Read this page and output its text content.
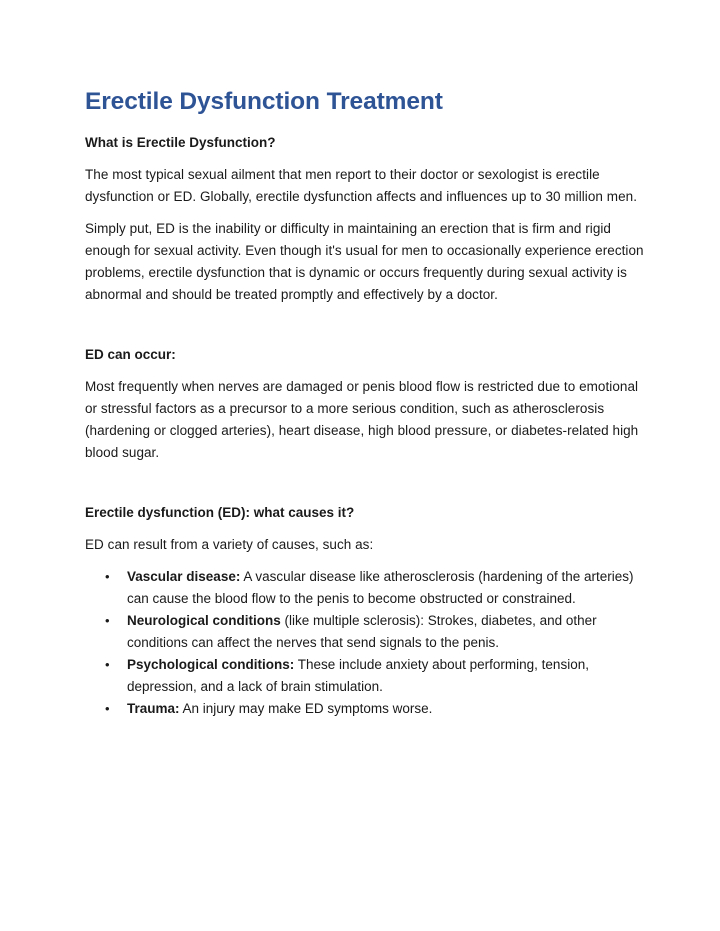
Erectile Dysfunction Treatment
What is Erectile Dysfunction?

The most typical sexual ailment that men report to their doctor or sexologist is erectile dysfunction or ED. Globally, erectile dysfunction affects and influences up to 30 million men.

Simply put, ED is the inability or difficulty in maintaining an erection that is firm and rigid enough for sexual activity. Even though it's usual for men to occasionally experience erection problems, erectile dysfunction that is dynamic or occurs frequently during sexual activity is abnormal and should be treated promptly and effectively by a doctor.

ED can occur:

Most frequently when nerves are damaged or penis blood flow is restricted due to emotional or stressful factors as a precursor to a more serious condition, such as atherosclerosis (hardening or clogged arteries), heart disease, high blood pressure, or diabetes-related high blood sugar.

Erectile dysfunction (ED): what causes it?

ED can result from a variety of causes, such as:

• Vascular disease: A vascular disease like atherosclerosis (hardening of the arteries) can cause the blood flow to the penis to become obstructed or constrained.
• Neurological conditions (like multiple sclerosis): Strokes, diabetes, and other conditions can affect the nerves that send signals to the penis.
• Psychological conditions: These include anxiety about performing, tension, depression, and a lack of brain stimulation.
• Trauma: An injury may make ED symptoms worse.
